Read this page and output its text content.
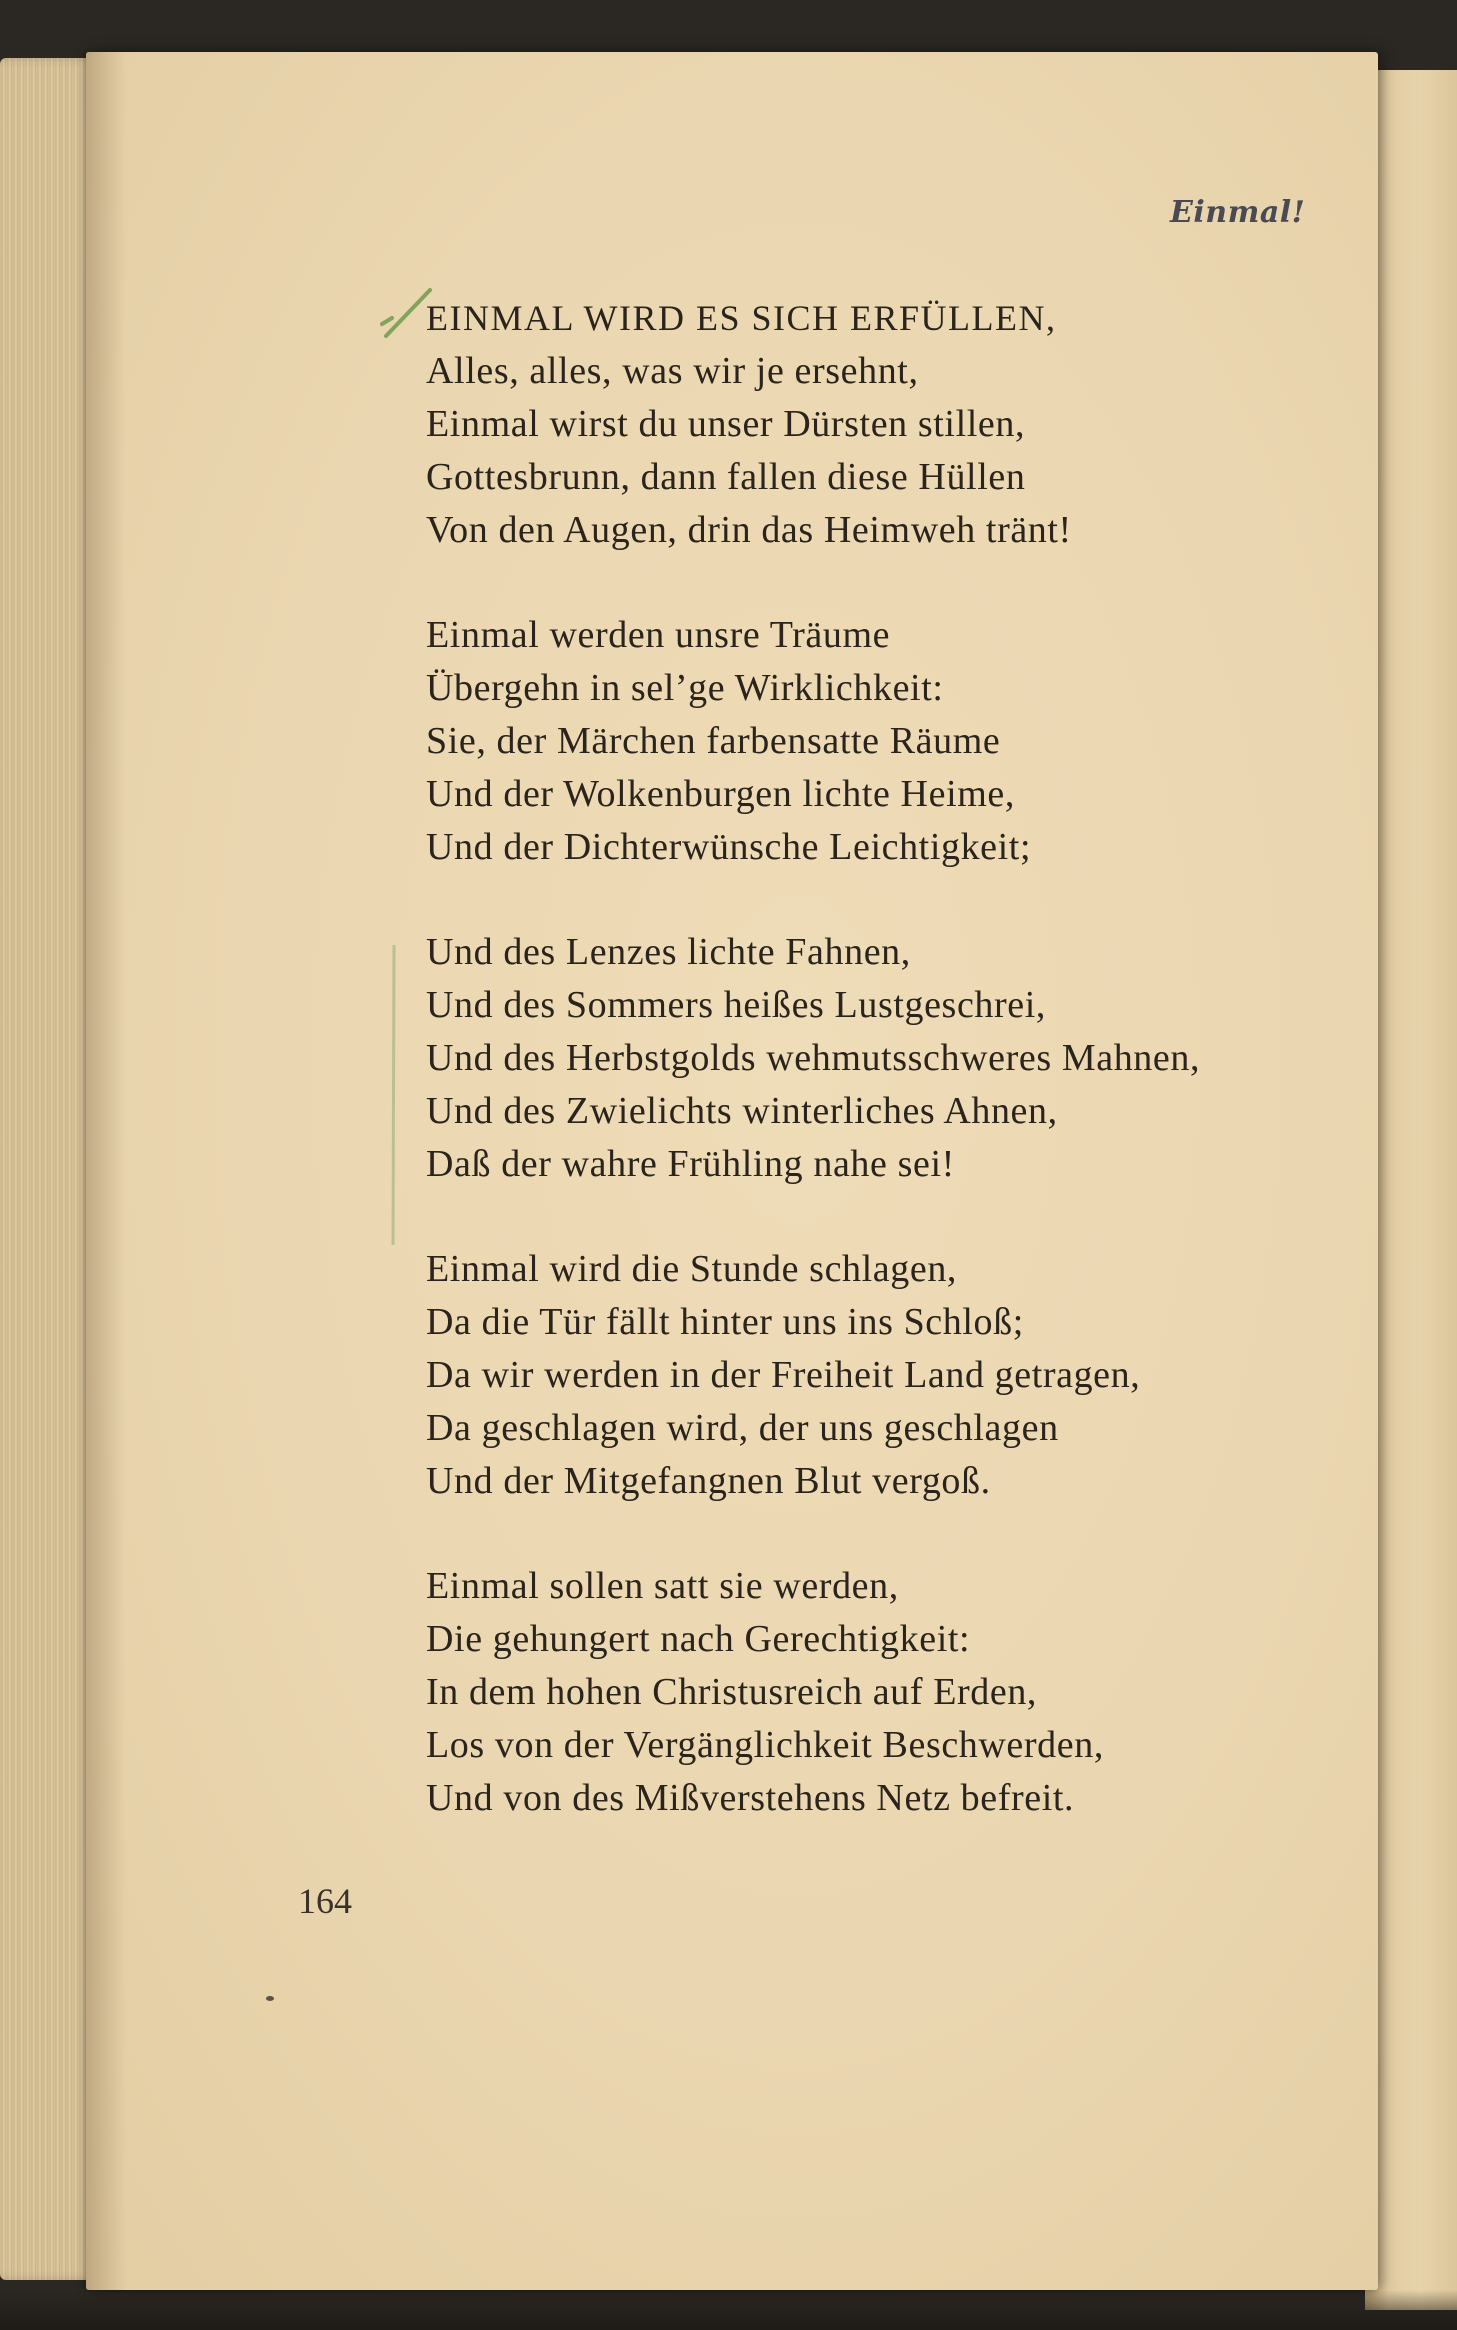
Einmal!
EINMAL WIRD ES SICH ERFÜLLEN,
Alles, alles, was wir je ersehnt,
Einmal wirst du unser Dürsten stillen,
Gottesbrunn, dann fallen diese Hüllen
Von den Augen, drin das Heimweh tränt!
Einmal werden unsre Träume
Übergehn in sel’ge Wirklichkeit:
Sie, der Märchen farbensatte Räume
Und der Wolkenburgen lichte Heime,
Und der Dichterwünsche Leichtigkeit;
Und des Lenzes lichte Fahnen,
Und des Sommers heißes Lustgeschrei,
Und des Herbstgolds wehmutsschweres Mahnen,
Und des Zwielichts winterliches Ahnen,
Daß der wahre Frühling nahe sei!
Einmal wird die Stunde schlagen,
Da die Tür fällt hinter uns ins Schloß;
Da wir werden in der Freiheit Land getragen,
Da geschlagen wird, der uns geschlagen
Und der Mitgefangnen Blut vergoß.
Einmal sollen satt sie werden,
Die gehungert nach Gerechtigkeit:
In dem hohen Christusreich auf Erden,
Los von der Vergänglichkeit Beschwerden,
Und von des Mißverstehens Netz befreit.
164
